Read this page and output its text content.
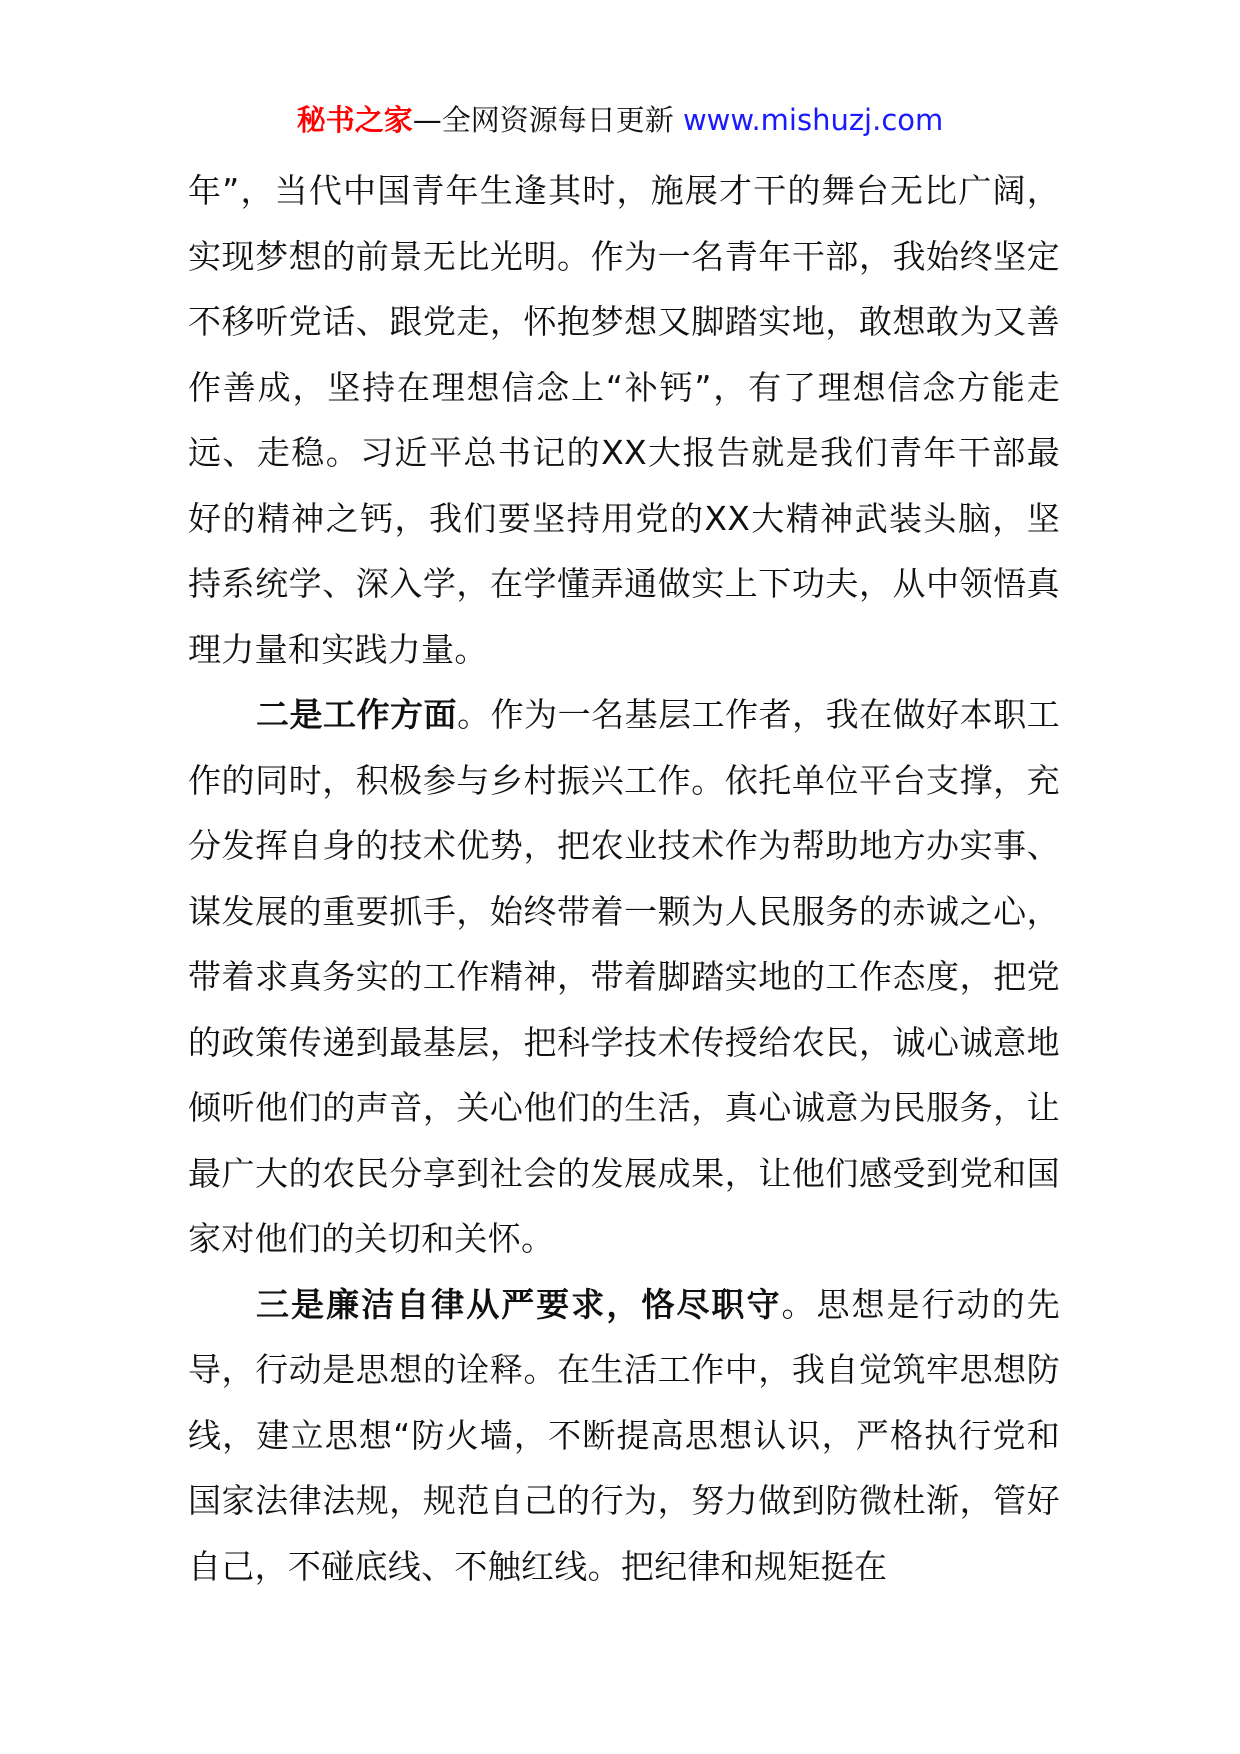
秘书之家—全网资源每日更新 www.mishuzj.com

年”，当代中国青年生逢其时，施展才干的舞台无比广阔，实现梦想的前景无比光明。作为一名青年干部，我始终坚定不移听党话、跟党走，怀抱梦想又脚踏实地，敢想敢为又善作善成，坚持在理想信念上“补钙”，有了理想信念方能走远、走稳。习近平总书记的XX大报告就是我们青年干部最好的精神之钙，我们要坚持用党的XX大精神武装头脑，坚持系统学、深入学，在学懂弄通做实上下功夫，从中领悟真理力量和实践力量。

二是工作方面。作为一名基层工作者，我在做好本职工作的同时，积极参与乡村振兴工作。依托单位平台支撑，充分发挥自身的技术优势，把农业技术作为帮助地方办实事、谋发展的重要抓手，始终带着一颗为人民服务的赤诚之心，带着求真务实的工作精神，带着脚踏实地的工作态度，把党的政策传递到最基层，把科学技术传授给农民，诚心诚意地倾听他们的声音，关心他们的生活，真心诚意为民服务，让最广大的农民分享到社会的发展成果，让他们感受到党和国家对他们的关切和关怀。

三是廉洁自律从严要求，恪尽职守。思想是行动的先导，行动是思想的诠释。在生活工作中，我自觉筑牢思想防线，建立思想“防火墙，不断提高思想认识，严格执行党和国家法律法规，规范自己的行为，努力做到防微杜渐，管好自己，不碰底线、不触红线。把纪律和规矩挺在
